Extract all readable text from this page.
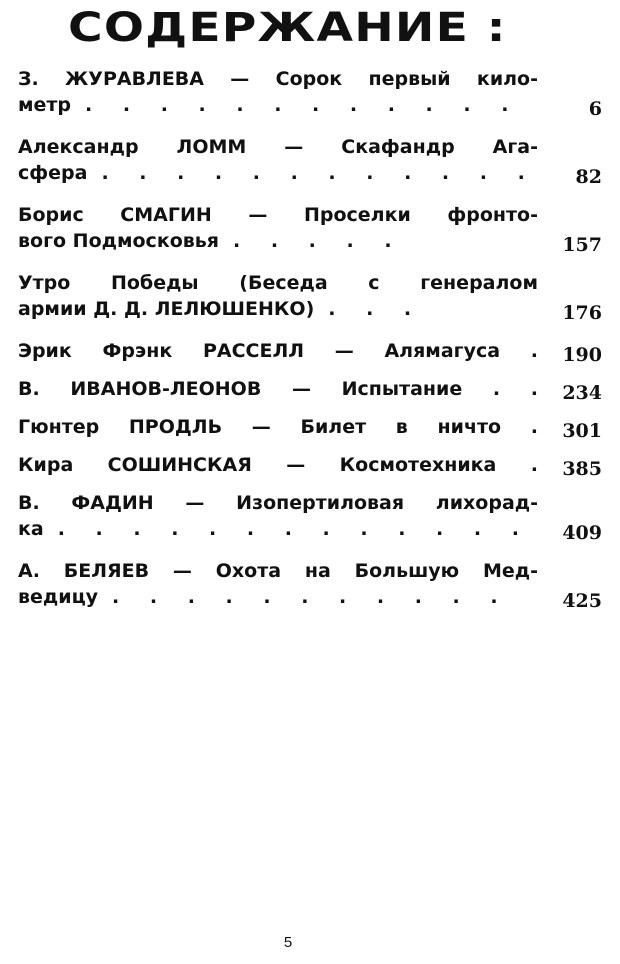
СОДЕРЖАНИЕ :
З. ЖУРАВЛЕВА — Сорок первый кило-
метр . . . . . . . . . . . .	6
Александр ЛОММ — Скафандр Ага-
сфера . . . . . . . . . . . . 82
Борис СМАГИН — Проселки фронто-
вого Подмосковья . . . . .	157
Утро Победы (Беседа с генералом
армии Д. Д. ЛЕЛЮШЕНКО) . . .	176
Эрик Фрэнк РАССЕЛЛ — Алямагуса . 190
В. ИВАНОВ-ЛЕОНОВ — Испытание . . 234
Гюнтер ПРОДЛЬ — Билет в ничто . 301
Кира СОШИНСКАЯ — Космотехника . 385
В. ФАДИН — Изопертиловая лихорад-
ка . . . . . . . . . . . . .	409
А. БЕЛЯЕВ — Охота на Большую Мед-
ведицу . . . . . . . . . . .	425
5
